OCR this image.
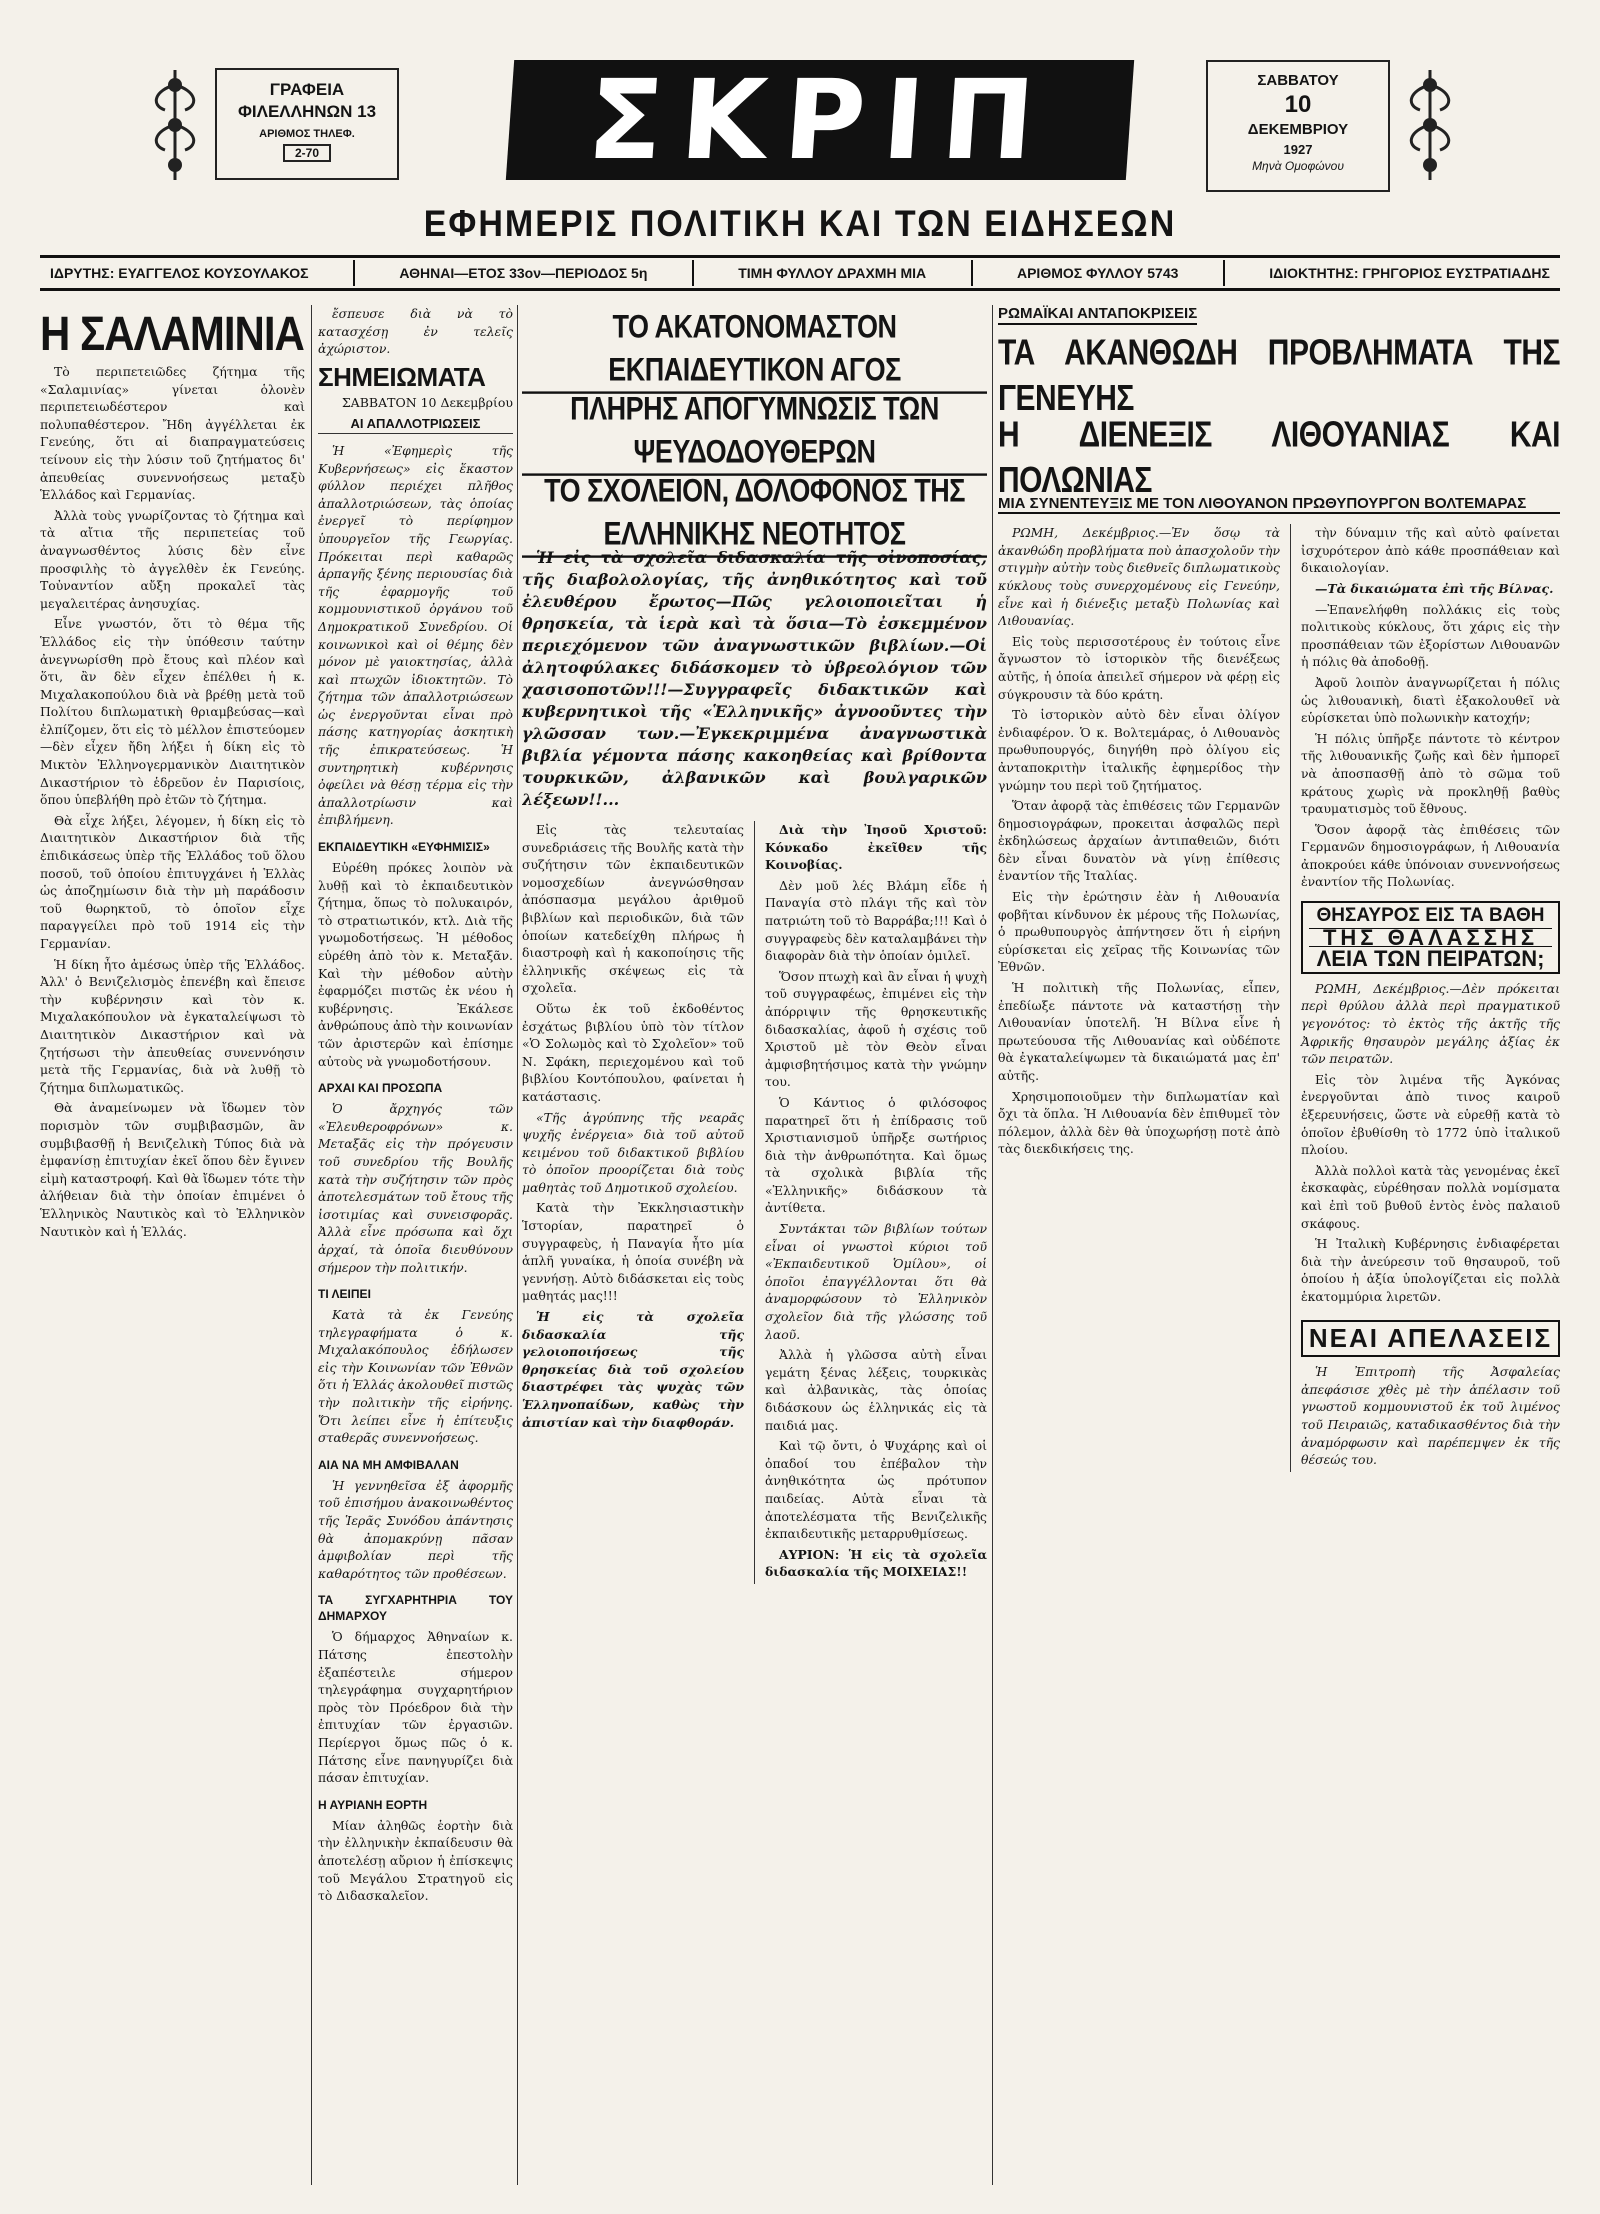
ΓΡΑΦΕΙΑ
ΦΙΛΕΛΛΗΝΩΝ 13
ΑΡΙΘΜΟΣ ΤΗΛΕΦ.
2-70	ΣΚΡΙΠ	ΣΑΒΒΑΤΟΥ
10
ΔΕΚΕΜΒΡΙΟΥ
1927
Μηνὰ Ομοφώνου
ΕΦΗΜΕΡΙΣ ΠΟΛΙΤΙΚΗ ΚΑΙ ΤΩΝ ΕΙΔΗΣΕΩΝ
ΙΔΡΥΤΗΣ: ΕΥΑΓΓΕΛΟΣ ΚΟΥΣΟΥΛΑΚΟΣ	ΑΘΗΝΑΙ—ΕΤΟΣ 33ον—ΠΕΡΙΟΔΟΣ 5η	ΤΙΜΗ ΦΥΛΛΟΥ ΔΡΑΧΜΗ ΜΙΑ	ΑΡΙΘΜΟΣ ΦΥΛΛΟΥ 5743	ΙΔΙΟΚΤΗΤΗΣ: ΓΡΗΓΟΡΙΟΣ ΕΥΣΤΡΑΤΙΑΔΗΣ
Η ΣΑΛΑΜΙΝΙΑ

Τὸ περιπετειῶδες ζήτημα τῆς «Σαλαμινίας» γίνεται ὁλονὲν περιπετειωδέστερον καὶ πολυπαθέστερον. Ἤδη ἀγγέλλεται ἐκ Γενεύης, ὅτι αἱ διαπραγματεύσεις τείνουν εἰς τὴν λύσιν τοῦ ζητήματος δι' ἀπευθείας συνεννοήσεως μεταξὺ Ἑλλάδος καὶ Γερμανίας.

Ἀλλὰ τοὺς γνωρίζοντας τὸ ζήτημα καὶ τὰ αἴτια τῆς περιπετείας τοῦ ἀναγνωσθέντος λύσις δὲν εἶνε προσφιλὴς τὸ ἀγγελθὲν ἐκ Γενεύης. Τοὐναντίον αὔξη προκαλεῖ τὰς μεγαλειτέρας ἀνησυχίας.

Εἶνε γνωστόν, ὅτι τὸ θέμα τῆς Ἑλλάδος εἰς τὴν ὑπόθεσιν ταύτην ἀνεγνωρίσθη πρὸ ἔτους καὶ πλέον καὶ ὅτι, ἂν δὲν εἶχεν ἐπέλθει ἡ κ. Μιχαλακοπούλου διὰ νὰ βρέθῃ μετὰ τοῦ Πολίτου διπλωματικὴ θριαμβεύσας—καὶ ἐλπίζομεν, ὅτι εἰς τὸ μέλλον ἐπιστεύομεν—δὲν εἶχεν ἤδη λήξει ἡ δίκη εἰς τὸ Μικτὸν Ἑλληνογερμανικὸν Διαιτητικὸν Δικαστήριον τὸ ἑδρεῦον ἐν Παρισίοις, ὅπου ὑπεβλήθη πρὸ ἐτῶν τὸ ζήτημα.

Θὰ εἶχε λήξει, λέγομεν, ἡ δίκη εἰς τὸ Διαιτητικὸν Δικαστήριον διὰ τῆς ἐπιδικάσεως ὑπὲρ τῆς Ἑλλάδος τοῦ ὅλου ποσοῦ, τοῦ ὁποίου ἐπιτυγχάνει ἡ Ἑλλὰς ὡς ἀποζημίωσιν διὰ τὴν μὴ παράδοσιν τοῦ θωρηκτοῦ, τὸ ὁποῖον εἶχε παραγγείλει πρὸ τοῦ 1914 εἰς τὴν Γερμανίαν.

Ἡ δίκη ἦτο ἀμέσως ὑπὲρ τῆς Ἑλλάδος. Ἀλλ' ὁ Βενιζελισμὸς ἐπενέβη καὶ ἔπεισε τὴν κυβέρνησιν καὶ τὸν κ. Μιχαλακόπουλον νὰ ἐγκαταλείψωσι τὸ Διαιτητικὸν Δικαστήριον καὶ νὰ ζητήσωσι τὴν ἀπευθείας συνεννόησιν μετὰ τῆς Γερμανίας, διὰ νὰ λυθῇ τὸ ζήτημα διπλωματικῶς.

Θὰ ἀναμείνωμεν νὰ ἴδωμεν τὸν πορισμὸν τῶν συμβιβασμῶν, ἂν συμβιβασθῇ ἡ Βενιζελικὴ Τύπος διὰ νὰ ἐμφανίσῃ ἐπιτυχίαν ἐκεῖ ὅπου δὲν ἔγινεν εἰμὴ καταστροφή. Καὶ θὰ ἴδωμεν τότε τὴν ἀλήθειαν διὰ τὴν ὁποίαν ἐπιμένει ὁ Ἑλληνικὸς Ναυτικὸς καὶ τὸ Ἑλληνικὸν Ναυτικὸν καὶ ἡ Ἑλλάς.

ἔσπευσε διὰ νὰ τὸ κατασχέσῃ ἐν τελεῖς ἀχώριστον.

ΣΗΜΕΙΩΜΑΤΑ
ΣΑΒΒΑΤΟΝ 10 Δεκεμβρίου
ΑΙ ΑΠΑΛΛΟΤΡΙΩΣΕΙΣ

Ἡ «Ἐφημερὶς τῆς Κυβερνήσεως» εἰς ἕκαστον φύλλον περιέχει πλῆθος ἀπαλλοτριώσεων, τὰς ὁποίας ἐνεργεῖ τὸ περίφημον ὑπουργεῖον τῆς Γεωργίας. Πρόκειται περὶ καθαρῶς ἁρπαγῆς ξένης περιουσίας διὰ τῆς ἐφαρμογῆς τοῦ κομμουνιστικοῦ ὀργάνου τοῦ Δημοκρατικοῦ Συνεδρίου. Οἱ κοινωνικοὶ καὶ οἱ θέμης δὲν μόνον μὲ γαιοκτησίας, ἀλλὰ καὶ πτωχῶν ἰδιοκτητῶν. Τὸ ζήτημα τῶν ἀπαλλοτριώσεων ὡς ἐνεργοῦνται εἶναι πρὸ πάσης κατηγορίας ἀσκητικὴ τῆς ἐπικρατεύσεως. Ἡ συντηρητικὴ κυβέρνησις ὀφείλει νὰ θέσῃ τέρμα εἰς τὴν ἀπαλλοτρίωσιν καὶ ἐπιβλήμενη.

ΕΚΠΑΙΔΕΥΤΙΚΗ «ΕΥΦΗΜΙΣΙΣ»

Εὐρέθη πρόκες λοιπὸν νὰ λυθῇ καὶ τὸ ἐκπαιδευτικὸν ζήτημα, ὅπως τὸ πολυκαιρόν, τὸ στρατιωτικόν, κτλ. Διὰ τῆς γνωμοδοτήσεως. Ἡ μέθοδος εὑρέθη ἀπὸ τὸν κ. Μεταξᾶν. Καὶ τὴν μέθοδον αὐτὴν ἐφαρμόζει πιστῶς ἐκ νέου ἡ κυβέρνησις. Ἐκάλεσε ἀνθρώπους ἀπὸ τὴν κοινωνίαν τῶν ἀριστερῶν καὶ ἐπίσημε αὐτοὺς νὰ γνωμοδοτήσουν.

ΑΡΧΑΙ ΚΑΙ ΠΡΟΣΩΠΑ

Ὁ ἄρχηγός τῶν «Ἐλευθεροφρόνων» κ. Μεταξᾶς εἰς τὴν πρόγευσιν τοῦ συνεδρίου τῆς Βουλῆς κατὰ τὴν συζήτησιν τῶν πρὸς ἀποτελεσμάτων τοῦ ἔτους τῆς ἰσοτιμίας καὶ συνεισφορᾶς. Ἀλλὰ εἶνε πρόσωπα καὶ ὄχι ἀρχαί, τὰ ὁποῖα διευθύνουν σήμερον τὴν πολιτικήν.

ΤΙ ΛΕΙΠΕΙ

Κατὰ τὰ ἐκ Γενεύης τηλεγραφήματα ὁ κ. Μιχαλακόπουλος ἐδήλωσεν εἰς τὴν Κοινωνίαν τῶν Ἐθνῶν ὅτι ἡ Ἑλλάς ἀκολουθεῖ πιστῶς τὴν πολιτικὴν τῆς εἰρήνης. Ὅτι λείπει εἶνε ἡ ἐπίτευξις σταθερᾶς συνεννοήσεως.

ΑΙΑ ΝΑ ΜΗ ΑΜΦΙΒΑΛΑΝ

Ἡ γεννηθεῖσα ἐξ ἀφορμῆς τοῦ ἐπισήμου ἀνακοινωθέντος τῆς Ἱερᾶς Συνόδου ἀπάντησις θὰ ἀπομακρύνῃ πᾶσαν ἀμφιβολίαν περὶ τῆς καθαρότητος τῶν προθέσεων.

ΤΑ ΣΥΓΧΑΡΗΤΗΡΙΑ ΤΟΥ ΔΗΜΑΡΧΟΥ

Ὁ δήμαρχος Ἀθηναίων κ. Πάτσης ἐπεστολὴν ἐξαπέστειλε σήμερον τηλεγράφημα συγχαρητήριον πρὸς τὸν Πρόεδρον διὰ τὴν ἐπιτυχίαν τῶν ἐργασιῶν. Περίεργοι ὅμως πῶς ὁ κ. Πάτσης εἶνε πανηγυρίζει διὰ πάσαν ἐπιτυχίαν.

Η ΑΥΡΙΑΝΗ ΕΟΡΤΗ

Μίαν ἀληθῶς ἑορτὴν διὰ τὴν ἐλληνικὴν ἐκπαίδευσιν θὰ ἀποτελέσῃ αὔριον ἡ ἐπίσκεψις τοῦ Μεγάλου Στρατηγοῦ εἰς τὸ Διδασκαλεῖον.

ΤΟ ΑΚΑΤΟΝΟΜΑΣΤΟΝ ΕΚΠΑΙΔΕΥΤΙΚΟΝ ΑΓΟΣ
ΠΛΗΡΗΣ ΑΠΟΓΥΜΝΩΣΙΣ ΤΩΝ ΨΕΥΔΟΔΟΥΘΕΡΩΝ
ΤΟ ΣΧΟΛΕΙΟΝ, ΔΟΛΟΦΟΝΟΣ ΤΗΣ ΕΛΛΗΝΙΚΗΣ ΝΕΟΤΗΤΟΣ

Ἡ εἰς τὰ σχολεῖα διδασκαλία τῆς οἰνοποσίας, τῆς διαβολολογίας, τῆς ἀνηθικότητος καὶ τοῦ ἐλευθέρου ἔρωτος—Πῶς γελοιοποιεῖται ἡ θρησκεία, τὰ ἱερὰ καὶ τὰ ὅσια—Τὸ ἐσκεμμένον περιεχόμενον τῶν ἀναγνωστικῶν βιβλίων.—Οἱ ἀλητοφύλακες διδάσκομεν τὸ ὑβρεολόγιον τῶν χασισοποτῶν!!!—Συγγραφεῖς διδακτικῶν καὶ κυβερνητικοὶ τῆς «Ἑλληνικῆς» ἀγνοοῦντες τὴν γλῶσσαν των.—Ἐγκεκριμμένα ἀναγνωστικὰ βιβλία γέμοντα πάσης κακοηθείας καὶ βρίθοντα τουρκικῶν, ἀλβανικῶν καὶ βουλγαρικῶν λέξεων!!...

Εἰς τὰς τελευταίας συνεδριάσεις τῆς Βουλῆς κατὰ τὴν συζήτησιν τῶν ἐκπαιδευτικῶν νομοσχεδίων ἀνεγνώσθησαν ἀπόσπασμα μεγάλου ἀριθμοῦ βιβλίων καὶ περιοδικῶν, διὰ τῶν ὁποίων κατεδείχθη πλήρως ἡ διαστροφὴ καὶ ἡ κακοποίησις τῆς ἐλληνικῆς σκέψεως εἰς τὰ σχολεῖα.

Οὕτω ἐκ τοῦ ἐκδοθέντος ἐσχάτως βιβλίου ὑπὸ τὸν τίτλον «Ὁ Σολωμὸς καὶ τὸ Σχολεῖον» τοῦ Ν. Σφάκη, περιεχομένου καὶ τοῦ βιβλίου Κοντόπουλου, φαίνεται ἡ κατάστασις.

«Τῆς ἀγρύπνης τῆς νεαρᾶς ψυχῆς ἐνέργεια» διὰ τοῦ αὐτοῦ κειμένου τοῦ διδακτικοῦ βιβλίου τὸ ὁποῖον προορίζεται διὰ τοὺς μαθητὰς τοῦ Δημοτικοῦ σχολείου.

Κατὰ τὴν Ἐκκλησιαστικὴν Ἱστορίαν, παρατηρεῖ ὁ συγγραφεὺς, ἡ Παναγία ἦτο μία ἁπλῆ γυναίκα, ἡ ὁποία συνέβη νὰ γεννήσῃ. Αὐτὸ διδάσκεται εἰς τοὺς μαθητάς μας!!!

Ἡ εἰς τὰ σχολεῖα διδασκαλία τῆς γελοιοποιήσεως τῆς θρησκείας διὰ τοῦ σχολείου διαστρέφει τὰς ψυχὰς τῶν Ἑλληνοπαίδων, καθὼς τὴν ἀπιστίαν καὶ τὴν διαφθοράν.

Διὰ τὴν Ἰησοῦ Χριστοῦ: Κόνκαδο ἐκεῖθεν τῆς Κοινοβίας.

Δὲν μοῦ λές Βλάμη εἶδε ἡ Παναγία στὸ πλάγι τῆς καὶ τὸν πατριώτη τοῦ τὸ Βαρράβα;!!! Καὶ ὁ συγγραφεὺς δὲν καταλαμβάνει τὴν διαφορὰν διὰ τὴν ὁποίαν ὁμιλεῖ.

Ὅσον πτωχὴ καὶ ἂν εἶναι ἡ ψυχὴ τοῦ συγγραφέως, ἐπιμένει εἰς τὴν ἀπόρριψιν τῆς θρησκευτικῆς διδασκαλίας, ἀφοῦ ἡ σχέσις τοῦ Χριστοῦ μὲ τὸν Θεὸν εἶναι ἀμφισβητήσιμος κατὰ τὴν γνώμην του.

Ὁ Κάντιος ὁ φιλόσοφος παρατηρεῖ ὅτι ἡ ἐπίδρασις τοῦ Χριστιανισμοῦ ὑπῆρξε σωτήριος διὰ τὴν ἀνθρωπότητα. Καὶ ὅμως τὰ σχολικὰ βιβλία τῆς «Ἑλληνικῆς» διδάσκουν τὰ ἀντίθετα.

Συντάκται τῶν βιβλίων τούτων εἶναι οἱ γνωστοὶ κύριοι τοῦ «Ἐκπαιδευτικοῦ Ὁμίλου», οἱ ὁποῖοι ἐπαγγέλλονται ὅτι θὰ ἀναμορφώσουν τὸ Ἑλληνικὸν σχολεῖον διὰ τῆς γλώσσης τοῦ λαοῦ.

Ἀλλὰ ἡ γλῶσσα αὐτὴ εἶναι γεμάτη ξένας λέξεις, τουρκικὰς καὶ ἀλβανικὰς, τὰς ὁποίας διδάσκουν ὡς ἑλληνικάς εἰς τὰ παιδιά μας.

Καὶ τῷ ὄντι, ὁ Ψυχάρης καὶ οἱ ὀπαδοί του ἐπέβαλον τὴν ἀνηθικότητα ὡς πρότυπον παιδείας. Αὐτὰ εἶναι τὰ ἀποτελέσματα τῆς Βενιζελικῆς ἐκπαιδευτικῆς μεταρρυθμίσεως.

ΑΥΡΙΟΝ: Ἡ εἰς τὰ σχολεῖα διδασκαλία τῆς ΜΟΙΧΕΙΑΣ!!

ΡΩΜΑΪΚΑΙ ΑΝΤΑΠΟΚΡΙΣΕΙΣ
ΤΑ ΑΚΑΝΘΩΔΗ ΠΡΟΒΛΗΜΑΤΑ ΤΗΣ ΓΕΝΕΥΗΣ
Η ΔΙΕΝΕΞΙΣ ΛΙΘΟΥΑΝΙΑΣ ΚΑΙ ΠΟΛΩΝΙΑΣ
ΜΙΑ ΣΥΝΕΝΤΕΥΞΙΣ ΜΕ ΤΟΝ ΛΙΘΟΥΑΝΟΝ ΠΡΩΘΥΠΟΥΡΓΟΝ ΒΟΛΤΕΜΑΡΑΣ

ΡΩΜΗ, Δεκέμβριος.—Ἐν ὅσῳ τὰ ἀκανθώδη προβλήματα ποὺ ἀπασχολοῦν τὴν στιγμὴν αὐτὴν τοὺς διεθνεῖς διπλωματικοὺς κύκλους τοὺς συνερχομένους εἰς Γενεύην, εἶνε καὶ ἡ διένεξις μεταξὺ Πολωνίας καὶ Λιθουανίας.

Εἰς τοὺς περισσοτέρους ἐν τούτοις εἶνε ἄγνωστον τὸ ἱστορικὸν τῆς διενέξεως αὐτῆς, ἡ ὁποία ἀπειλεῖ σήμερον νὰ φέρῃ εἰς σύγκρουσιν τὰ δύο κράτη.

Τὸ ἱστορικὸν αὐτὸ δὲν εἶναι ὀλίγον ἐνδιαφέρον. Ὁ κ. Βολτεμάρας, ὁ Λιθουανὸς πρωθυπουργός, διηγήθη πρὸ ὀλίγου εἰς ἀνταποκριτὴν ἰταλικῆς ἐφημερίδος τὴν γνώμην του περὶ τοῦ ζητήματος.

Ὅταν ἀφορᾷ τὰς ἐπιθέσεις τῶν Γερμανῶν δημοσιογράφων, προκειται ἀσφαλῶς περὶ ἐκδηλώσεως ἀρχαίων ἀντιπαθειῶν, διότι δὲν εἶναι δυνατὸν νὰ γίνῃ ἐπίθεσις ἐναντίον τῆς Ἰταλίας.

Εἰς τὴν ἐρώτησιν ἐὰν ἡ Λιθουανία φοβῆται κίνδυνον ἐκ μέρους τῆς Πολωνίας, ὁ πρωθυπουργὸς ἀπήντησεν ὅτι ἡ εἰρήνη εὑρίσκεται εἰς χεῖρας τῆς Κοινωνίας τῶν Ἐθνῶν.

Ἡ πολιτικὴ τῆς Πολωνίας, εἶπεν, ἐπεδίωξε πάντοτε νὰ καταστήσῃ τὴν Λιθουανίαν ὑποτελῆ. Ἡ Βίλνα εἶνε ἡ πρωτεύουσα τῆς Λιθουανίας καὶ οὐδέποτε θὰ ἐγκαταλείψωμεν τὰ δικαιώματά μας ἐπ' αὐτῆς.

Χρησιμοποιοῦμεν τὴν διπλωματίαν καὶ ὄχι τὰ ὅπλα. Ἡ Λιθουανία δὲν ἐπιθυμεῖ τὸν πόλεμον, ἀλλὰ δὲν θὰ ὑποχωρήσῃ ποτὲ ἀπὸ τὰς διεκδικήσεις της.

τὴν δύναμιν τῆς καὶ αὐτὸ φαίνεται ἰσχυρότερον ἀπὸ κάθε προσπάθειαν καὶ δικαιολογίαν.

—Τὰ δικαιώματα ἐπὶ τῆς Βίλνας.

—Ἐπανελήφθη πολλάκις εἰς τοὺς πολιτικοὺς κύκλους, ὅτι χάρις εἰς τὴν προσπάθειαν τῶν ἐξορίστων Λιθουανῶν ἡ πόλις θὰ ἀποδοθῇ.

Ἀφοῦ λοιπὸν ἀναγνωρίζεται ἡ πόλις ὡς λιθουανικὴ, διατὶ ἐξακολουθεῖ νὰ εὑρίσκεται ὑπὸ πολωνικὴν κατοχήν;

Ἡ πόλις ὑπῆρξε πάντοτε τὸ κέντρον τῆς λιθουανικῆς ζωῆς καὶ δὲν ἠμπορεῖ νὰ ἀποσπασθῇ ἀπὸ τὸ σῶμα τοῦ κράτους χωρὶς νὰ προκληθῇ βαθὺς τραυματισμὸς τοῦ ἔθνους.

Ὅσον ἀφορᾷ τὰς ἐπιθέσεις τῶν Γερμανῶν δημοσιογράφων, ἡ Λιθουανία ἀποκρούει κάθε ὑπόνοιαν συνεννοήσεως ἐναντίον τῆς Πολωνίας.

ΘΗΣΑΥΡΟΣ ΕΙΣ ΤΑ ΒΑΘΗ
ΤΗΣ ΘΑΛΑΣΣΗΣ
ΛΕΙΑ ΤΩΝ ΠΕΙΡΑΤΩΝ;

ΡΩΜΗ, Δεκέμβριος.—Δὲν πρόκειται περὶ θρύλου ἀλλὰ περὶ πραγματικοῦ γεγονότος: τὸ ἐκτὸς τῆς ἀκτῆς τῆς Ἀφρικῆς θησαυρὸν μεγάλης ἀξίας ἐκ τῶν πειρατῶν.

Εἰς τὸν λιμένα τῆς Ἀγκόνας ἐνεργοῦνται ἀπὸ τινος καιροῦ ἐξερευνήσεις, ὥστε νὰ εὑρεθῇ κατὰ τὸ ὁποῖον ἐβυθίσθη τὸ 1772 ὑπὸ ἰταλικοῦ πλοίου.

Ἀλλὰ πολλοὶ κατὰ τὰς γενομένας ἐκεῖ ἐκσκαφὰς, εὑρέθησαν πολλὰ νομίσματα καὶ ἐπὶ τοῦ βυθοῦ ἐντὸς ἑνὸς παλαιοῦ σκάφους.

Ἡ Ἰταλικὴ Κυβέρνησις ἐνδιαφέρεται διὰ τὴν ἀνεύρεσιν τοῦ θησαυροῦ, τοῦ ὁποίου ἡ ἀξία ὑπολογίζεται εἰς πολλὰ ἑκατομμύρια λιρετῶν.

ΝΕΑΙ ΑΠΕΛΑΣΕΙΣ

Ἡ Ἐπιτροπὴ τῆς Ἀσφαλείας ἀπεφάσισε χθὲς μὲ τὴν ἀπέλασιν τοῦ γνωστοῦ κομμουνιστοῦ ἐκ τοῦ λιμένος τοῦ Πειραιῶς, καταδικασθέντος διὰ τὴν ἀναμόρφωσιν καὶ παρέπεμψεν ἐκ τῆς θέσεώς του.
